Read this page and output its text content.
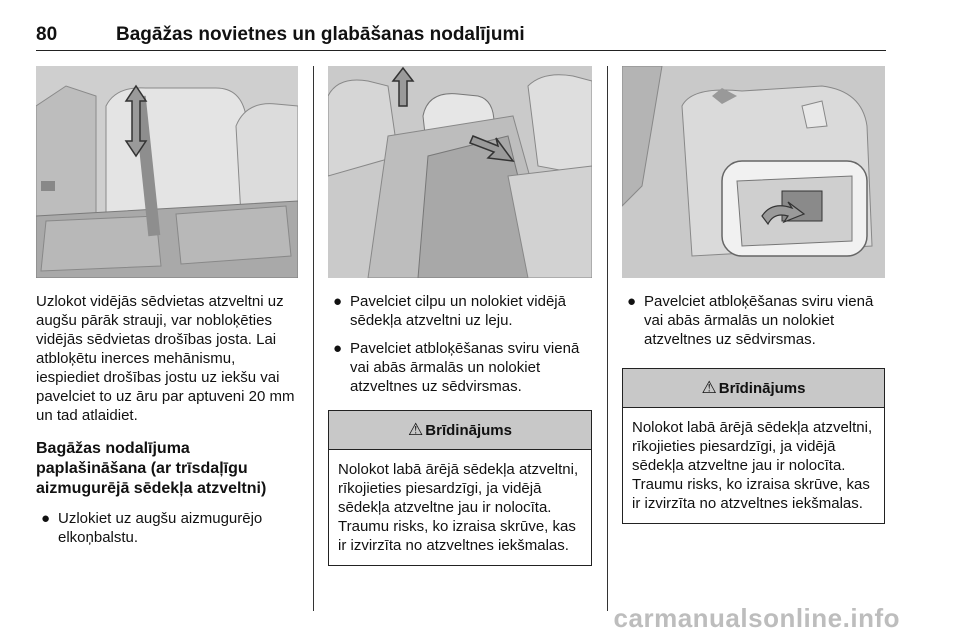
80	Bagāžas novietnes un glabāšanas nodalījumi

Uzlokot vidējās sēdvietas atzveltni uz augšu pārāk strauji, var nobloķēties vidējās sēdvietas drošības josta. Lai atbloķētu inerces mehānismu, iespiediet drošības jostu uz iekšu vai pavelciet to uz āru par aptuveni 20 mm un tad atlaidiet.

Bagāžas nodalījuma paplašināšana (ar trīsdaļīgu aizmugurējā sēdekļa atzveltni)
● Uzlokiet uz augšu aizmugurējo elkoņbalstu.
● Pavelciet cilpu un nolokiet vidējā sēdekļa atzveltni uz leju.
● Pavelciet atbloķēšanas sviru vienā vai abās ārmalās un nolokiet atzveltnes uz sēdvirsmas.
⚠ Brīdinājums
Nolokot labā ārējā sēdekļa atzveltni, rīkojieties piesardzīgi, ja vidējā sēdekļa atzveltne jau ir nolocīta. Traumu risks, ko izraisa skrūve, kas ir izvirzīta no atzveltnes iekšmalas.
● Pavelciet atbloķēšanas sviru vienā vai abās ārmalās un nolokiet atzveltnes uz sēdvirsmas.
⚠ Brīdinājums
Nolokot labā ārējā sēdekļa atzveltni, rīkojieties piesardzīgi, ja vidējā sēdekļa atzveltne jau ir nolocīta. Traumu risks, ko izraisa skrūve, kas ir izvirzīta no atzveltnes iekšmalas.
carmanualsonline.info
